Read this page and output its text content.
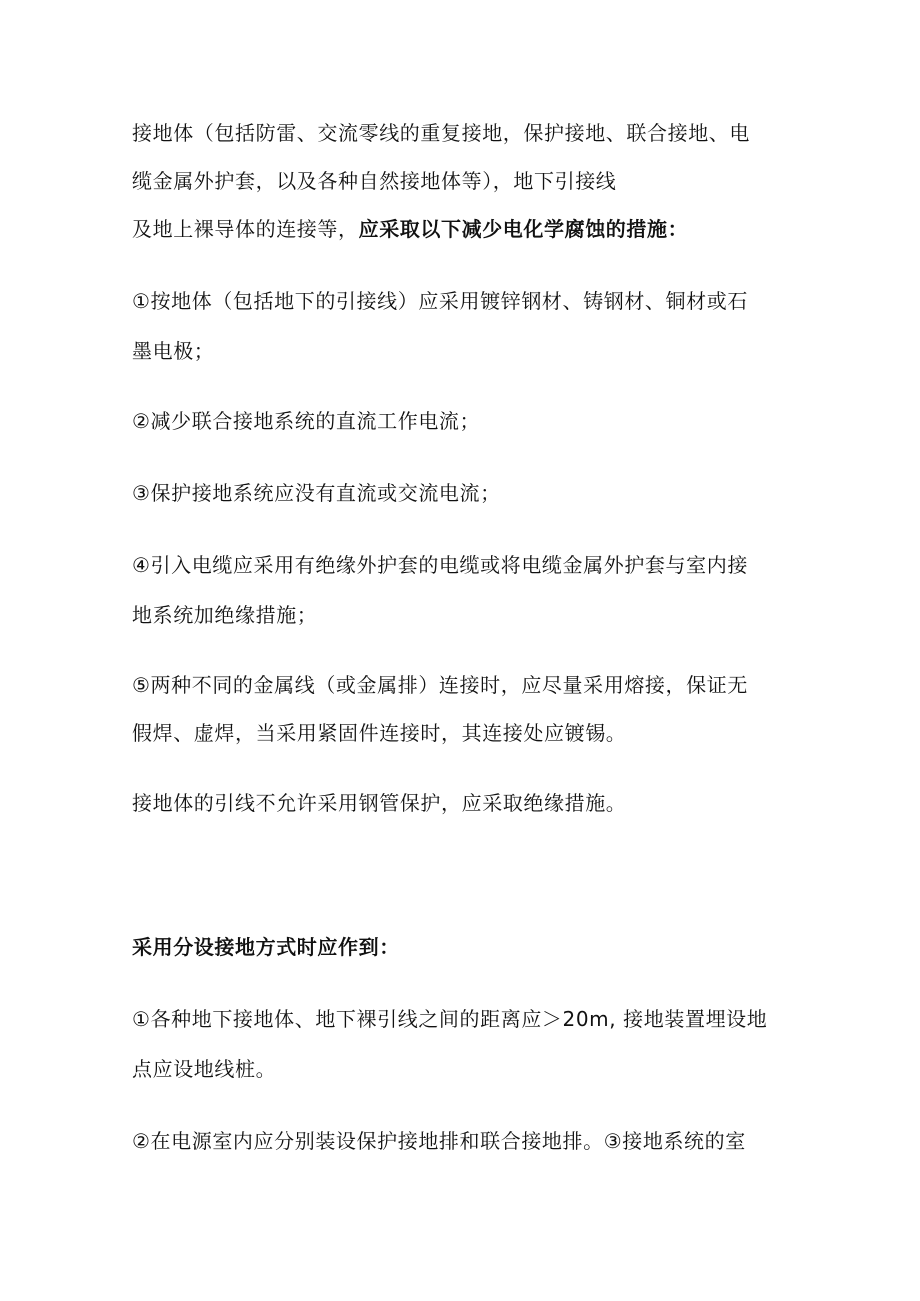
接地体（包括防雷、交流零线的重复接地，保护接地、联合接地、电
缆金属外护套，以及各种自然接地体等），地下引接线
及地上裸导体的连接等，应采取以下减少电化学腐蚀的措施：
①按地体（包括地下的引接线）应采用镀锌钢材、铸钢材、铜材或石
墨电极；
②减少联合接地系统的直流工作电流；
③保护接地系统应没有直流或交流电流；
④引入电缆应采用有绝缘外护套的电缆或将电缆金属外护套与室内接
地系统加绝缘措施；
⑤两种不同的金属线（或金属排）连接时，应尽量采用熔接，保证无
假焊、虚焊，当采用紧固件连接时，其连接处应镀锡。
接地体的引线不允许采用钢管保护，应采取绝缘措施。
采用分设接地方式时应作到：
①各种地下接地体、地下裸引线之间的距离应＞20m, 接地装置埋设地
点应设地线桩。
②在电源室内应分别装设保护接地排和联合接地排。③接地系统的室
